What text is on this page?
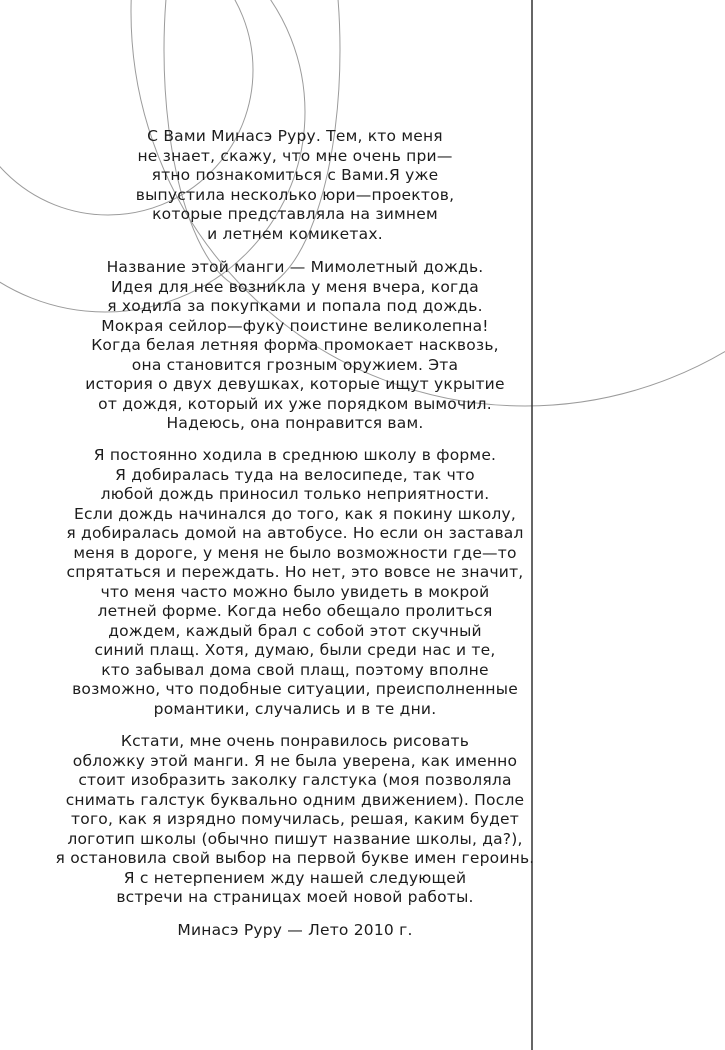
С Вами Минасэ Руру. Тем, кто меня
не знает, скажу, что мне очень при—
ятно познакомиться с Вами.Я уже
выпустила несколько юри—проектов,
которые представляла на зимнем
и летнем комикетах.
Название этой манги — Мимолетный дождь.
Идея для нее возникла у меня вчера, когда
я ходила за покупками и попала под дождь.
Мокрая сейлор—фуку поистине великолепна!
Когда белая летняя форма промокает насквозь,
она становится грозным оружием. Эта
история о двух девушках, которые ищут укрытие
от дождя, который их уже порядком вымочил.
Надеюсь, она понравится вам.
Я постоянно ходила в среднюю школу в форме.
Я добиралась туда на велосипеде, так что
любой дождь приносил только неприятности.
Если дождь начинался до того, как я покину школу,
я добиралась домой на автобусе. Но если он заставал
меня в дороге, у меня не было возможности где—то
спрятаться и переждать. Но нет, это вовсе не значит,
что меня часто можно было увидеть в мокрой
летней форме. Когда небо обещало пролиться
дождем, каждый брал с собой этот скучный
синий плащ. Хотя, думаю, были среди нас и те,
кто забывал дома свой плащ, поэтому вполне
возможно, что подобные ситуации, преисполненные
романтики, случались и в те дни.
Кстати, мне очень понравилось рисовать
обложку этой манги. Я не была уверена, как именно
стоит изобразить заколку галстука (моя позволяла
снимать галстук буквально одним движением). После
того, как я изрядно помучилась, решая, каким будет
логотип школы (обычно пишут название школы, да?),
я остановила свой выбор на первой букве имен героинь.
Я с нетерпением жду нашей следующей
встречи на страницах моей новой работы.
Минасэ Руру — Лето 2010 г.
